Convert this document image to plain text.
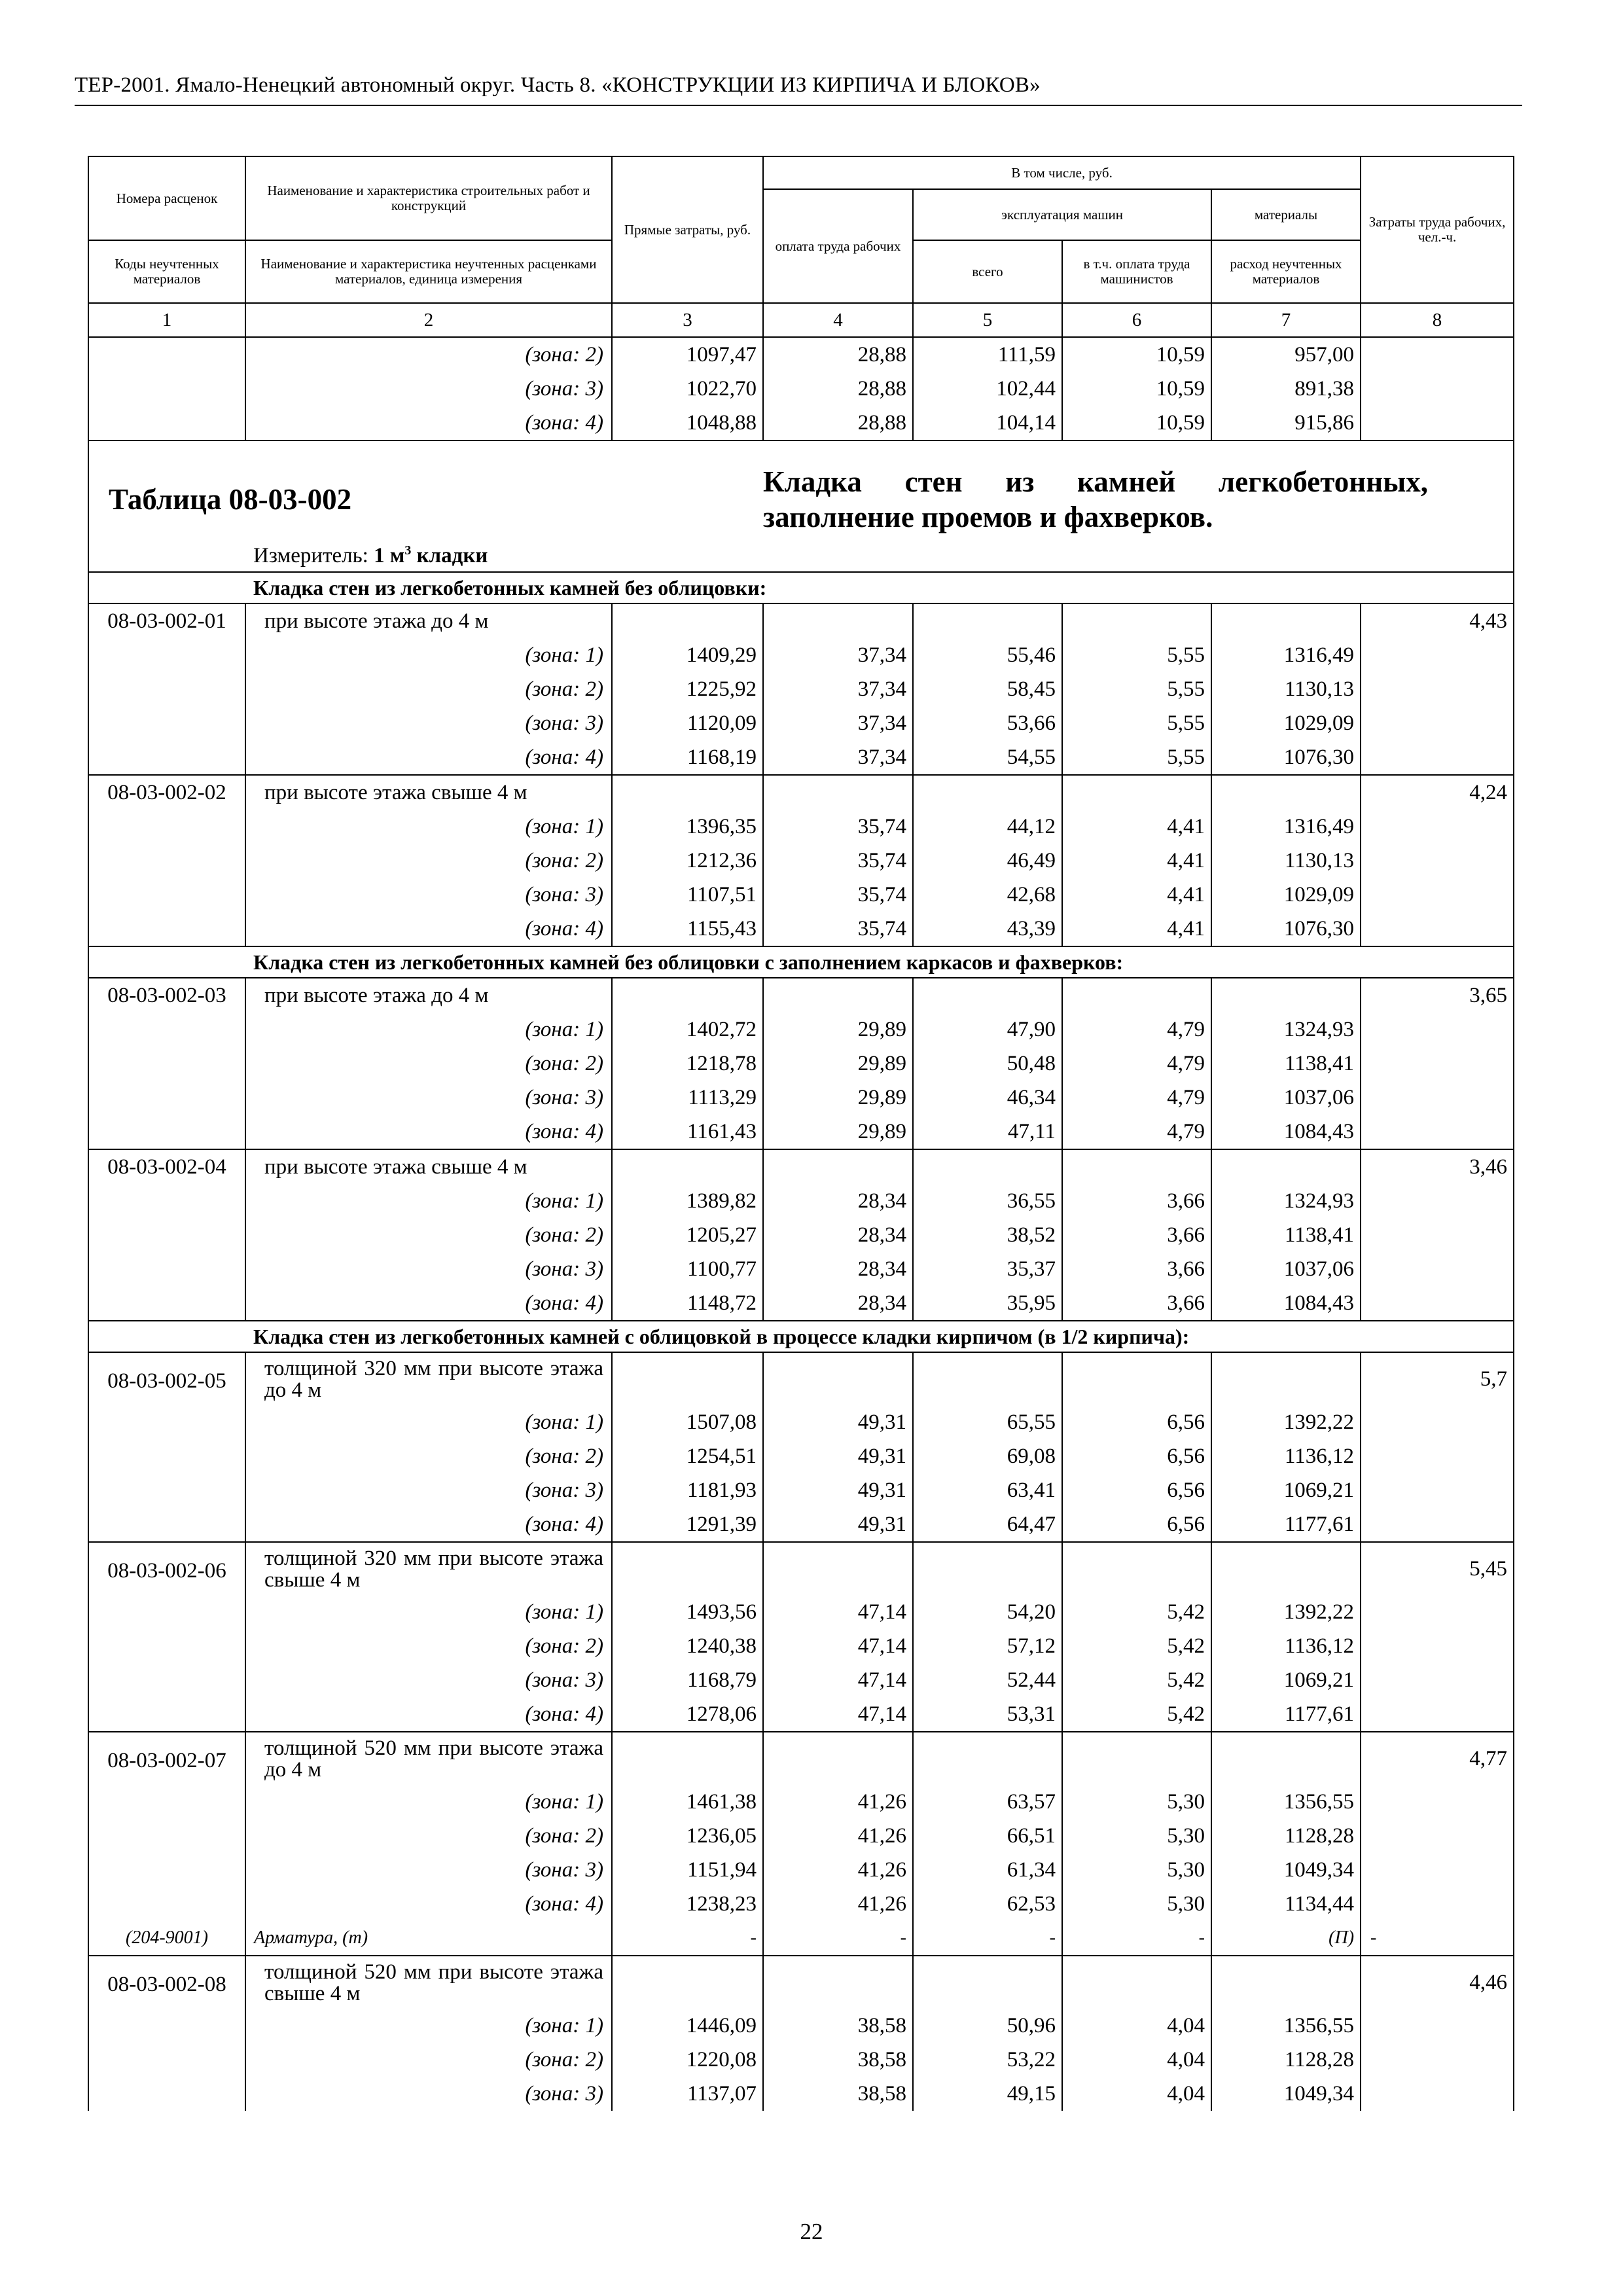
ТЕР-2001. Ямало-Ненецкий автономный округ. Часть 8. «КОНСТРУКЦИИ ИЗ КИРПИЧА И БЛОКОВ»
Номера расценок	Наименование и характеристика строительных работ и конструкций	Прямые затраты, руб.	В том числе, руб.				Затраты труда рабочих, чел.-ч.
			оплата труда рабочих	эксплуатация машин		материалы	
Коды неучтенных материалов	Наименование и характеристика неучтенных расценками материалов, единица измерения			всего	в т.ч. оплата труда машинистов	расход неучтенных материалов	
1	2	3	4	5	6	7	8
	(зона: 2)	1097,47	28,88	111,59	10,59	957,00	
	(зона: 3)	1022,70	28,88	102,44	10,59	891,38	
	(зона: 4)	1048,88	28,88	104,14	10,59	915,86	
Таблица 08-03-002			Кладка стен из камней легкобетонных, заполнение проемов и фахверков.				
	Измеритель: 1 $м^3$ кладки						
	Кладка стен из легкобетонных камней без облицовки:						
08-03-002-01	при высоте этажа до 4 м						4,43
	(зона: 1)	1409,29	37,34	55,46	5,55	1316,49	
	(зона: 2)	1225,92	37,34	58,45	5,55	1130,13	
	(зона: 3)	1120,09	37,34	53,66	5,55	1029,09	
	(зона: 4)	1168,19	37,34	54,55	5,55	1076,30	
08-03-002-02	при высоте этажа свыше 4 м						4,24
	(зона: 1)	1396,35	35,74	44,12	4,41	1316,49	
	(зона: 2)	1212,36	35,74	46,49	4,41	1130,13	
	(зона: 3)	1107,51	35,74	42,68	4,41	1029,09	
	(зона: 4)	1155,43	35,74	43,39	4,41	1076,30	
	Кладка стен из легкобетонных камней без облицовки с заполнением каркасов и фахверков:						
08-03-002-03	при высоте этажа до 4 м						3,65
	(зона: 1)	1402,72	29,89	47,90	4,79	1324,93	
	(зона: 2)	1218,78	29,89	50,48	4,79	1138,41	
	(зона: 3)	1113,29	29,89	46,34	4,79	1037,06	
	(зона: 4)	1161,43	29,89	47,11	4,79	1084,43	
08-03-002-04	при высоте этажа свыше 4 м						3,46
	(зона: 1)	1389,82	28,34	36,55	3,66	1324,93	
	(зона: 2)	1205,27	28,34	38,52	3,66	1138,41	
	(зона: 3)	1100,77	28,34	35,37	3,66	1037,06	
	(зона: 4)	1148,72	28,34	35,95	3,66	1084,43	
	Кладка стен из легкобетонных камней с облицовкой в процессе кладки кирпичом (в 1/2 кирпича):						
08-03-002-05	толщиной 320 мм при высоте этажа до 4 м						5,7
	(зона: 1)	1507,08	49,31	65,55	6,56	1392,22	
	(зона: 2)	1254,51	49,31	69,08	6,56	1136,12	
	(зона: 3)	1181,93	49,31	63,41	6,56	1069,21	
	(зона: 4)	1291,39	49,31	64,47	6,56	1177,61	
08-03-002-06	толщиной 320 мм при высоте этажа свыше 4 м						5,45
	(зона: 1)	1493,56	47,14	54,20	5,42	1392,22	
	(зона: 2)	1240,38	47,14	57,12	5,42	1136,12	
	(зона: 3)	1168,79	47,14	52,44	5,42	1069,21	
	(зона: 4)	1278,06	47,14	53,31	5,42	1177,61	
08-03-002-07	толщиной 520 мм при высоте этажа до 4 м						4,77
	(зона: 1)	1461,38	41,26	63,57	5,30	1356,55	
	(зона: 2)	1236,05	41,26	66,51	5,30	1128,28	
	(зона: 3)	1151,94	41,26	61,34	5,30	1049,34	
	(зона: 4)	1238,23	41,26	62,53	5,30	1134,44	
(204-9001)	Арматура, (т)	-	-	-	-	(П)	-
08-03-002-08	толщиной 520 мм при высоте этажа свыше 4 м						4,46
	(зона: 1)	1446,09	38,58	50,96	4,04	1356,55	
	(зона: 2)	1220,08	38,58	53,22	4,04	1128,28	
	(зона: 3)	1137,07	38,58	49,15	4,04	1049,34	
22
